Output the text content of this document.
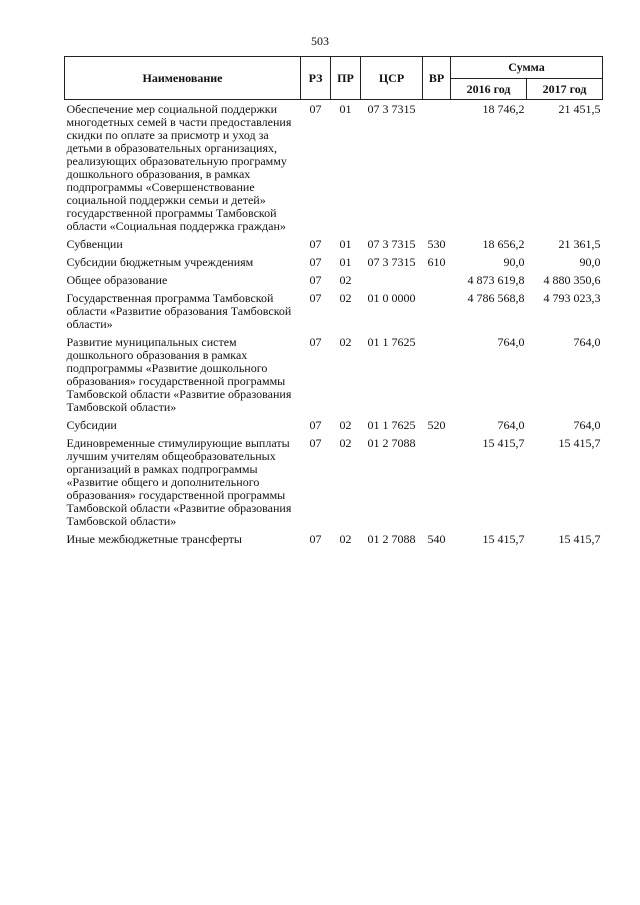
503
Наименование	РЗ	ПР	ЦСР	ВР	Сумма	
					2016 год	2017 год
Обеспечение мер социальной поддержки многодетных семей в части предоставления скидки по оплате за присмотр и уход за детьми в образовательных организациях, реализующих образовательную программу дошкольного образования, в рамках подпрограммы «Совершенствование социальной поддержки семьи и детей» государственной программы Тамбовской области «Социальная поддержка граждан»	07	01	07 3 7315		18 746,2	21 451,5
Субвенции	07	01	07 3 7315	530	18 656,2	21 361,5
Субсидии бюджетным учреждениям	07	01	07 3 7315	610	90,0	90,0
Общее образование	07	02			4 873 619,8	4 880 350,6
Государственная программа Тамбовской области «Развитие образования Тамбовской области»	07	02	01 0 0000		4 786 568,8	4 793 023,3
Развитие муниципальных систем дошкольного образования в рамках подпрограммы «Развитие дошкольного образования» государственной программы Тамбовской области «Развитие образования Тамбовской области»	07	02	01 1 7625		764,0	764,0
Субсидии	07	02	01 1 7625	520	764,0	764,0
Единовременные стимулирующие выплаты лучшим учителям общеобразовательных организаций в рамках подпрограммы «Развитие общего и дополнительного образования» государственной программы Тамбовской области «Развитие образования Тамбовской области»	07	02	01 2 7088		15 415,7	15 415,7
Иные межбюджетные трансферты	07	02	01 2 7088	540	15 415,7	15 415,7
